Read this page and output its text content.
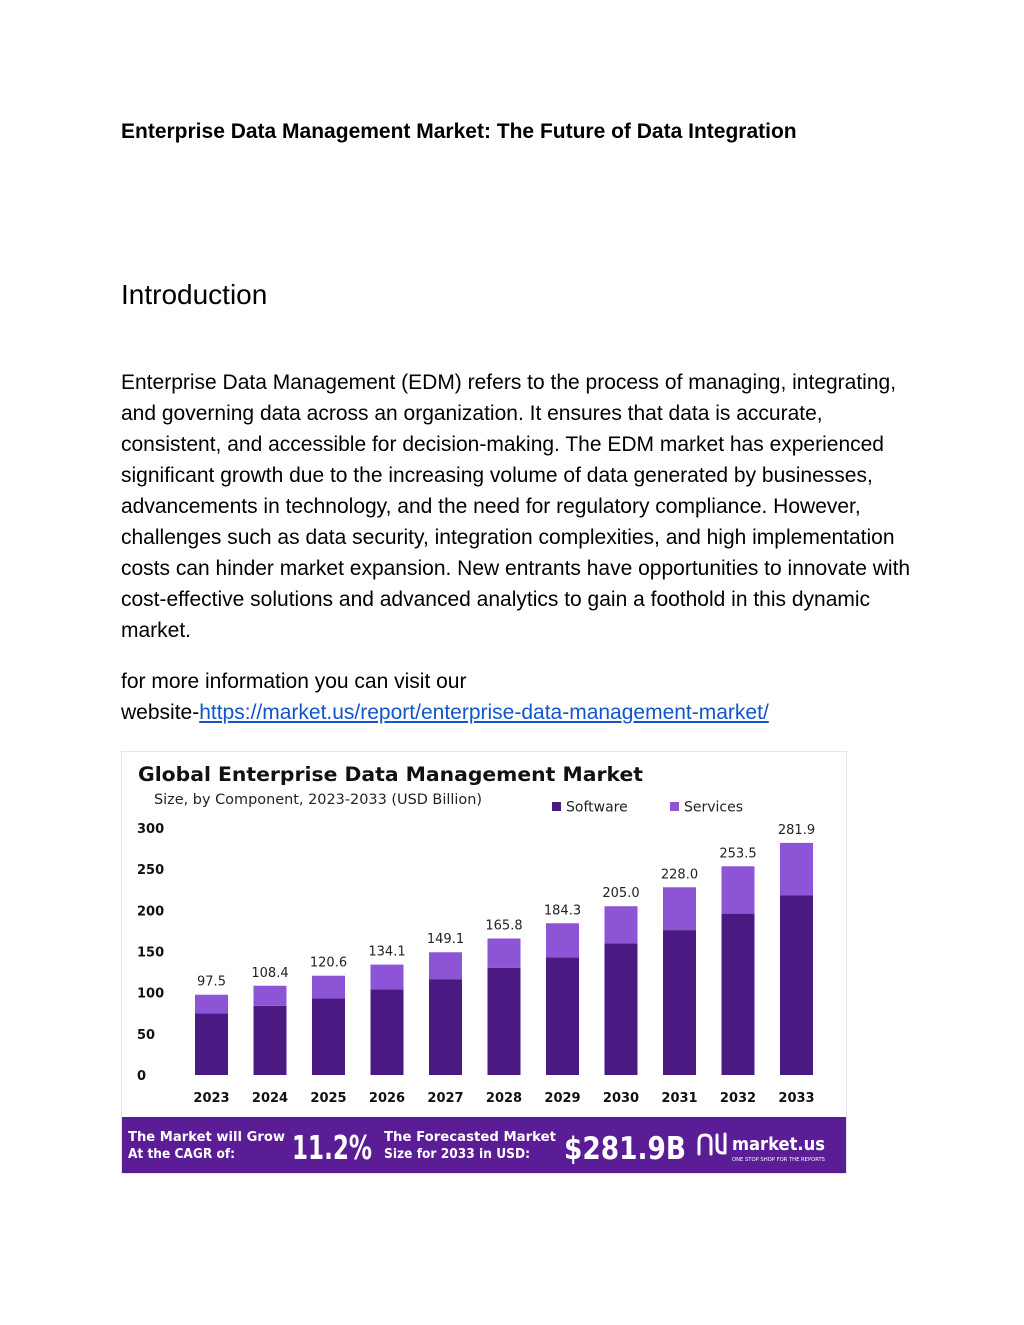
Enterprise Data Management Market: The Future of Data Integration
Introduction

Enterprise Data Management (EDM) refers to the process of managing, integrating, and governing data across an organization. It ensures that data is accurate, consistent, and accessible for decision-making. The EDM market has experienced significant growth due to the increasing volume of data generated by businesses, advancements in technology, and the need for regulatory compliance. However, challenges such as data security, integration complexities, and high implementation costs can hinder market expansion. New entrants have opportunities to innovate with cost-effective solutions and advanced analytics to gain a foothold in this dynamic market.

for more information you can visit our
website-https://market.us/report/enterprise-data-management-market/

Global Enterprise Data Management Market
Size, by Component, 2023-2033 (USD Billion)	Software	Services
0
50
100
150
200
250
300
97.5
2023
108.4
2024
120.6
2025
134.1
2026
149.1
2027
165.8
2028
184.3
2029
205.0
2030
228.0
2031
253.5
2032
281.9
2033
The Market will Grow
At the CAGR of: 11.2% The Forecasted Market
Size for 2033 in USD: $281.9B	market.us
ONE STOP SHOP FOR THE REPORTS
